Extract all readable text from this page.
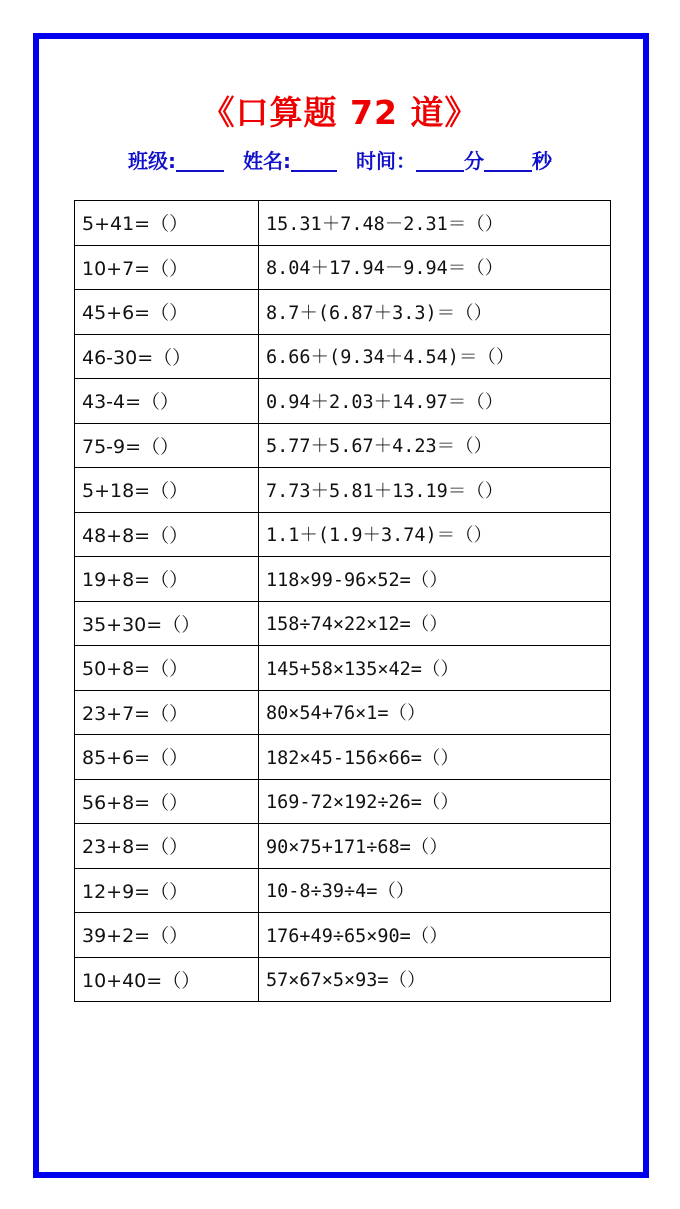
《口算题 72 道》
班级:	姓名:	时间： 分 秒
5+41=（）	15.31＋7.48－2.31＝（）
10+7=（）	8.04＋17.94－9.94＝（）
45+6=（）	8.7＋(6.87＋3.3)＝（）
46-30=（）	6.66＋(9.34＋4.54)＝（）
43-4=（）	0.94＋2.03＋14.97＝（）
75-9=（）	5.77＋5.67＋4.23＝（）
5+18=（）	7.73＋5.81＋13.19＝（）
48+8=（）	1.1＋(1.9＋3.74)＝（）
19+8=（）	118×99-96×52=（）
35+30=（）	158÷74×22×12=（）
50+8=（）	145+58×135×42=（）
23+7=（）	80×54+76×1=（）
85+6=（）	182×45-156×66=（）
56+8=（）	169-72×192÷26=（）
23+8=（）	90×75+171÷68=（）
12+9=（）	10-8÷39÷4=（）
39+2=（）	176+49÷65×90=（）
10+40=（）	57×67×5×93=（）
